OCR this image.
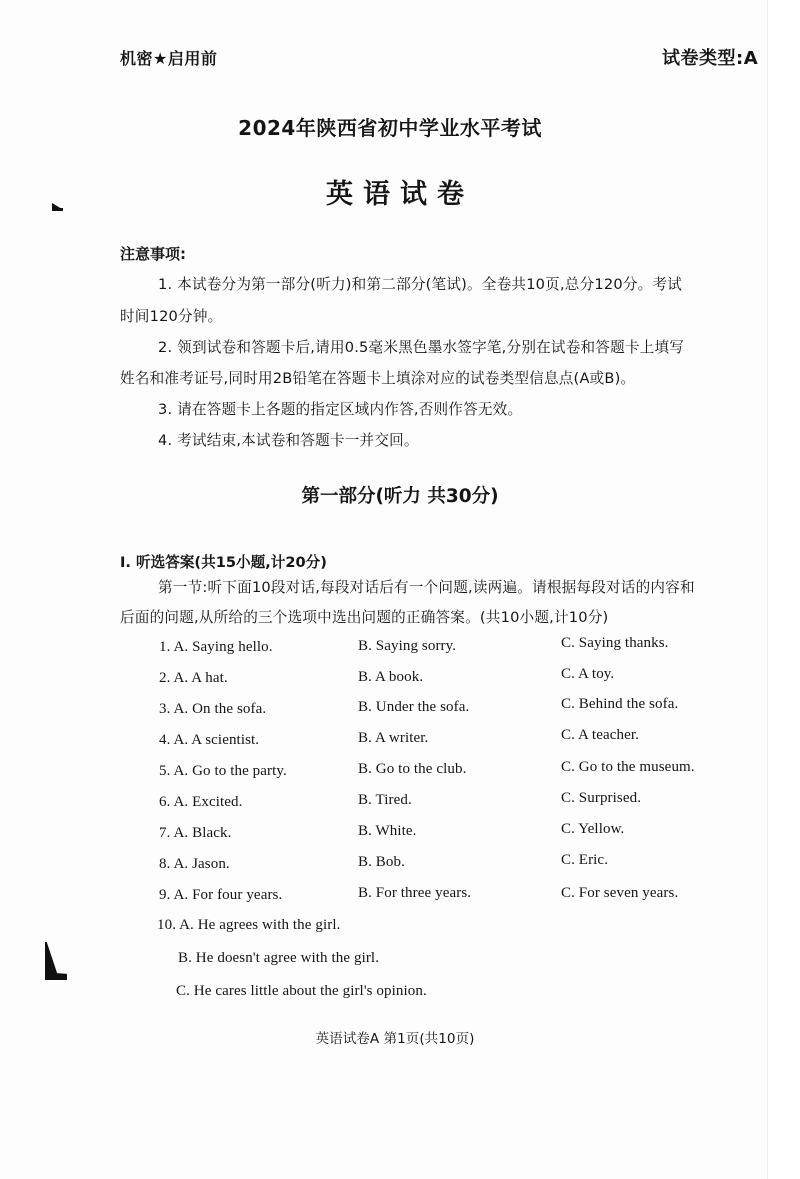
机密★启用前	试卷类型:A
2024年陕西省初中学业水平考试
英语试卷
注意事项:
1. 本试卷分为第一部分(听力)和第二部分(笔试)。全卷共10页,总分120分。考试
时间120分钟。
2. 领到试卷和答题卡后,请用0.5毫米黑色墨水签字笔,分别在试卷和答题卡上填写
姓名和准考证号,同时用2B铅笔在答题卡上填涂对应的试卷类型信息点(A或B)。
3. 请在答题卡上各题的指定区域内作答,否则作答无效。
4. 考试结束,本试卷和答题卡一并交回。
第一部分(听力 共30分)
Ⅰ. 听选答案(共15小题,计20分)
第一节:听下面10段对话,每段对话后有一个问题,读两遍。请根据每段对话的内容和
后面的问题,从所给的三个选项中选出问题的正确答案。(共10小题,计10分)
1. A. Saying hello.	B. Saying sorry.	C. Saying thanks.
2. A. A hat.	B. A book.	C. A toy.
3. A. On the sofa.	B. Under the sofa.	C. Behind the sofa.
4. A. A scientist.	B. A writer.	C. A teacher.
5. A. Go to the party.	B. Go to the club.	C. Go to the museum.
6. A. Excited.	B. Tired.	C. Surprised.
7. A. Black.	B. White.	C. Yellow.
8. A. Jason.	B. Bob.	C. Eric.
9. A. For four years.	B. For three years.	C. For seven years.
10. A. He agrees with the girl.
B. He doesn't agree with the girl.
C. He cares little about the girl's opinion.
英语试卷A 第1页(共10页)
